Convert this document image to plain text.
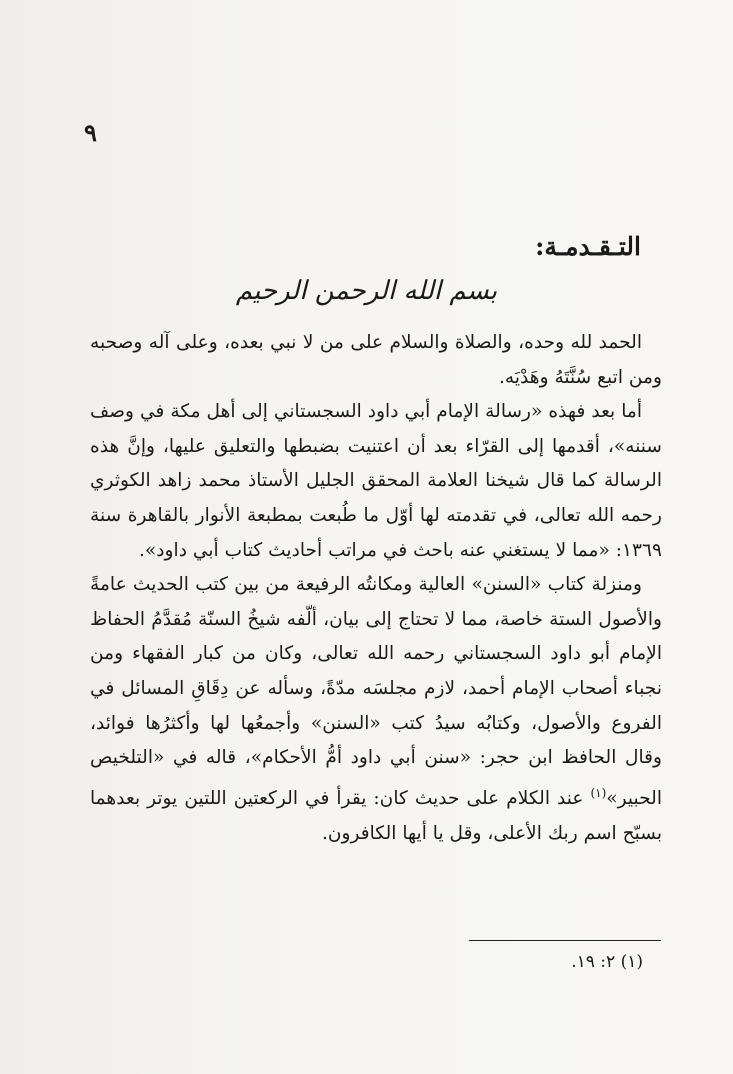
٩
التـقـدمـة:
بسم الله الرحمن الرحيم

الحمد لله وحده، والصلاة والسلام على من لا نبي بعده، وعلى آله وصحبه ومن اتبع سُنَّتَهُ وهَدْيَه.

أما بعد فهذه «رسالة الإمام أبي داود السجستاني إلى أهل مكة في وصف سننه»، أقدمها إلى القرّاء بعد أن اعتنيت بضبطها والتعليق عليها، وإنَّ هذه الرسالة كما قال شيخنا العلامة المحقق الجليل الأستاذ محمد زاهد الكوثري رحمه الله تعالى، في تقدمته لها أوّل ما طُبعت بمطبعة الأنوار بالقاهرة سنة ١٣٦٩: «مما لا يستغني عنه باحث في مراتب أحاديث كتاب أبي داود».

ومنزلة كتاب «السنن» العالية ومكانتُه الرفيعة من بين كتب الحديث عامةً والأصول الستة خاصة، مما لا تحتاج إلى بيان، ألّفه شيخُ السنّة مُقدَّمُ الحفاظ الإمام أبو داود السجستاني رحمه الله تعالى، وكان من كبار الفقهاء ومن نجباء أصحاب الإمام أحمد، لازم مجلسَه مدّةً، وسأله عن دِقَاقِ المسائل في الفروع والأصول، وكتابُه سيدُ كتب «السنن» وأجمعُها لها وأكثرُها فوائد، وقال الحافظ ابن حجر: «سنن أبي داود أمُّ الأحكام»، قاله في «التلخيص الحبير»$^{(١)}$ عند الكلام على حديث كان: يقرأ في الركعتين اللتين يوتر بعدهما بسبّح اسم ربك الأعلى، وقل يا أيها الكافرون.

(١) ٢: ١٩.
